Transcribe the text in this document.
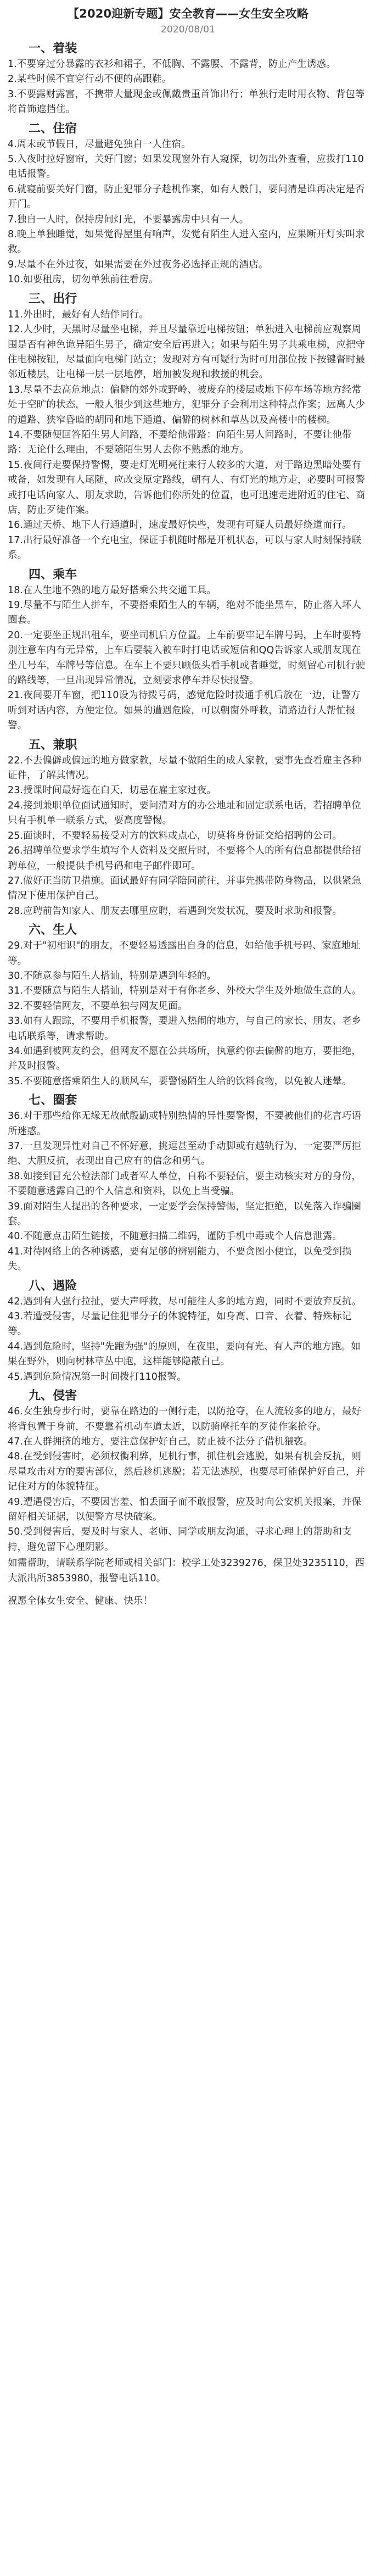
【2020迎新专题】安全教育——女生安全攻略
2020/08/01
一、着装
1.不要穿过分暴露的衣衫和裙子，不低胸、不露腰、不露背，防止产生诱惑。
2.某些时候不宜穿行动不便的高跟鞋。
3.不要露财露富，不携带大量现金或佩戴贵重首饰出行；单独行走时用衣物、背包等将首饰遮挡住。
二、住宿
4.周末或节假日，尽量避免独自一人住宿。
5.入夜时拉好窗帘，关好门窗；如果发现窗外有人窥探，切勿出外查看，应拨打110电话报警。
6.就寝前要关好门窗，防止犯罪分子趁机作案，如有人敲门，要问清是谁再决定是否开门。
7.独自一人时，保持房间灯光，不要暴露房中只有一人。
8.晚上单独睡觉，如果觉得屋里有响声，发觉有陌生人进入室内，应果断开灯实叫求救。
9.尽量不在外过夜，如果需要在外过夜务必选择正规的酒店。
10.如要租房，切勿单独前往看房。
三、出行
11.外出时，最好有人结伴同行。
12.人少时，天黑时尽量坐电梯，并且尽量靠近电梯按钮；单独进入电梯前应观察周围是否有神色诡异陌生男子，确定安全后再进入；如果与陌生男子共乘电梯，应把守住电梯按钮，尽量面向电梯门站立；发现对方有可疑行为时可用部位按下按键督时最邻近楼层，让电梯一层一层地停，增加被发现和救援的机会。
13.尽量不去高危地点：偏僻的郊外或野岭、被废弃的楼层或地下停车场等地方经常处于空旷的状态，一般人很少到这些地方，犯罪分子会利用这种特点作案；远离人少的道路、狭窄昏暗的胡同和地下通道、偏僻的树林和草丛以及高楼中的楼梯。
14.不要随便回答陌生男人问路，不要给他带路：向陌生男人问路时，不要让他带路：无论什么理由，不要随陌生男人去你不熟悉的地方。
15.夜间行走要保持警惕，要走灯光明亮往来行人较多的大道，对于路边黑暗处要有戒备，如发现有人尾随，应改变原定路线，朝有人、有灯光的地方走，必要时可报警或打电话向家人、朋友求助，告诉他们你所处的位置，也可迅速走进附近的住宅、商店，防止歹徒作案。
16.通过天桥、地下人行通道时，速度最好快些，发现有可疑人员最好绕道而行。
17.出行最好准备一个充电宝，保证手机随时都是开机状态，可以与家人时刻保持联系。
四、乘车
18.在人生地不熟的地方最好搭乘公共交通工具。
19.尽量不与陌生人拼车，不要搭乘陌生人的车辆，绝对不能坐黑车，防止落入坏人圈套。
20.一定要坐正规出租车，要坐司机后方位置。上车前要牢记车牌号码，上车时要特别注意车内有无异常，上车后要装入被车时打电话或短信和QQ告诉家人或朋友现在坐几号车，车牌号等信息。在车上不要只顾低头看手机或者睡觉，时刻留心司机行驶的路线等，一旦出现异常情况，立刻要求停车并尽快报警。
21.夜间要开车窗，把110设为待拨号码，感觉危险时拨通手机后放在一边，让警方听到对话内容，方便定位。如果的遭遇危险，可以朝窗外呼救，请路边行人帮忙报警。
五、兼职
22.不去偏僻或偏远的地方做家教，尽量不做陌生的成人家教，要事先查看雇主各种证件，了解其情况。
23.授课时间最好选在白天，切忌在雇主家过夜。
24.接到兼职单位面试通知时，要问清对方的办公地址和固定联系电话，若招聘单位只有手机单一联系方式，要高度警惕。
25.面谈时，不要轻易接受对方的饮料或点心，切莫将身份证交给招聘的公司。
26.招聘单位要求学生填写个人资料及交照片时，不要将个人的所有信息都提供给招聘单位，一般提供手机号码和电子邮件即可。
27.做好正当防卫措施。面试最好有同学陪同前往，并事先携带防身物品，以供紧急情况下使用保护自己。
28.应聘前告知家人、朋友去哪里应聘，若遇到突发状况，要及时求助和报警。
六、生人
29.对于"初相识"的朋友，不要轻易透露出自身的信息，如给他手机号码、家庭地址等。
30.不随意参与陌生人搭讪，特别是遇到年轻的。
31.不要随意与陌生人搭讪，特别是对于有你老乡、外校大学生及外地做生意的人。
32.不要轻信网友，不要单独与网友见面。
33.如有人跟踪，不要用手机报警，要进入热闹的地方，与自己的家长、朋友、老乡电话联系等，请求帮助。
34.如遇到被网友约会，但网友不愿在公共场所，执意约你去偏僻的地方，要拒绝，并及时报警。
35.不要随意搭乘陌生人的顺风车，要警惕陌生人给的饮料食物，以免被人迷晕。
七、圈套
36.对于那些给你无缘无故献殷勤或特别热情的异性要警惕，不要被他们的花言巧语所迷惑。
37.一旦发现异性对自己不怀好意，挑逗甚至动手动脚或有越轨行为，一定要严厉拒绝、大胆反抗，表现出自己应有的信念和勇气。
38.如接到冒充公检法部门或者军人单位，自称不要轻信，要主动核实对方的身份，不要随意透露自己的个人信息和资料，以免上当受骗。
39.面对陌生人提出的各种要求，一定要学会保持警惕，坚定拒绝，以免落入诈骗圈套。
40.不随意点击陌生链接，不随意扫描二维码，谨防手机中毒或个人信息泄露。
41.对待网络上的各种诱惑，要有足够的辨别能力，不要贪图小便宜，以免受到损失。
八、遇险
42.遇到有人强行拉扯，要大声呼救，尽可能往人多的地方跑，同时不要放弃反抗。
43.若遭受侵害，尽量记住犯罪分子的体貌特征，如身高、口音、衣着、特殊标记等。
44.遇到危险时，坚持"先跑为强"的原则，在夜里，要向有光、有人声的地方跑。如果在野外，则向树林草丛中跑，这样能够隐蔽自己。
45.遇到危险情况第一时间拨打110报警。
九、侵害
46.女生独身步行时，要靠在路边的一侧行走，以防抢夺，在人流较多的地方，最好将背包置于身前，不要靠着机动车道太近，以防骑摩托车的歹徒作案抢夺。
47.在人群拥挤的地方，要注意保护好自己，防止被不法分子借机猥亵。
48.在受到侵害时，必须权衡利弊，见机行事，抓住机会逃脱，如果有机会反抗，则尽量攻击对方的要害部位，然后趁机逃脱；若无法逃脱，也要尽可能保护好自己，并记住对方的体貌特征。
49.遭遇侵害后，不要因害羞、怕丢面子而不敢报警，应及时向公安机关报案，并保留好相关证据，以便警方尽快破案。
50.受到侵害后，要及时与家人、老师、同学或朋友沟通，寻求心理上的帮助和支持，避免留下心理阴影。
如需帮助，请联系学院老师或相关部门：校学工处3239276，保卫处3235110，西大派出所3853980，报警电话110。
祝愿全体女生安全、健康、快乐！
